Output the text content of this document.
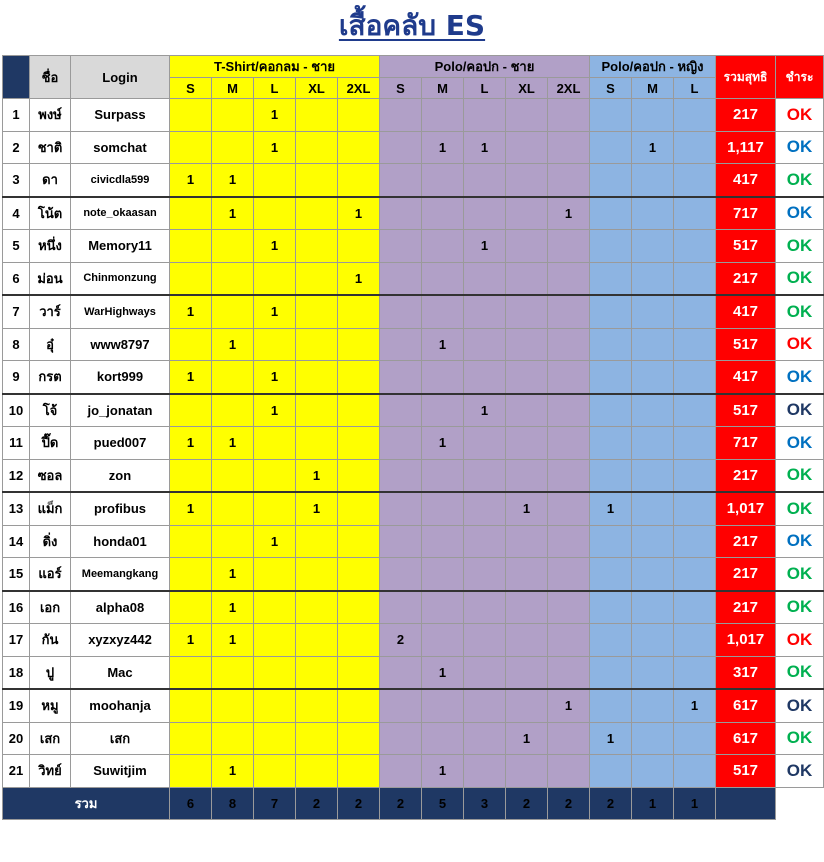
เสื้อคลับ ES
	ชื่อ	Login	T-Shirt/คอกลม - ชาย					Polo/คอปก - ชาย					Polo/คอปก - หญิง			รวมสุทธิ	ชำระ
			S	M	L	XL	2XL	S	M	L	XL	2XL	S	M	L		
1	พงษ์	Surpass			1											217	OK
2	ชาติ	somchat			1				1	1				1		1,117	OK
3	ดา	civicdla599	1	1												417	OK
4	โน้ต	note_okaasan		1			1					1				717	OK
5	หนึ่ง	Memory11			1					1						517	OK
6	ม่อน	Chinmonzung					1									217	OK
7	วาร์	WarHighways	1		1											417	OK
8	อุ๋	www8797		1					1							517	OK
9	กรต	kort999	1		1											417	OK
10	โจ้	jo_jonatan			1					1						517	OK
11	ปี๊ด	pued007	1	1					1							717	OK
12	ซอล	zon				1										217	OK
13	แม็ก	profibus	1			1					1		1			1,017	OK
14	ดิ่ง	honda01			1											217	OK
15	แอร์	Meemangkang		1												217	OK
16	เอก	alpha08		1												217	OK
17	กัน	xyzxyz442	1	1				2								1,017	OK
18	ปู	Mac							1							317	OK
19	หมู	moohanja										1			1	617	OK
20	เสก	เสก									1		1			617	OK
21	วิทย์	Suwitjim		1					1							517	OK
รวม			6	8	7	2	2	2	5	3	2	2	2	1	1		
